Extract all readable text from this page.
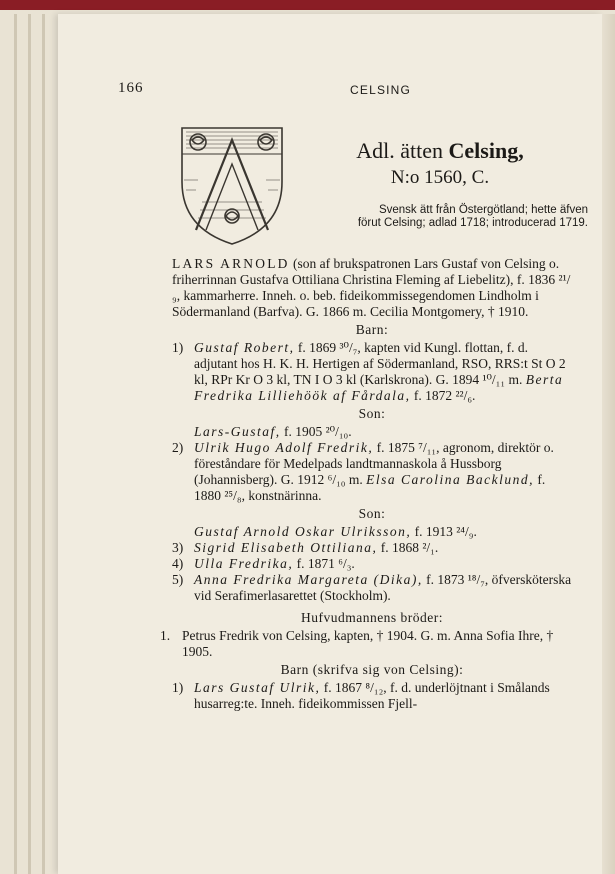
166	CELSING
Adl. ätten Celsing,
N:o 1560, C.
Svensk ätt från Östergötland; hette äfven
förut Celsing; adlad 1718; introducerad 1719.

LARS ARNOLD (son af brukspatronen Lars Gustaf von Celsing o. friherrinnan Gustafva Ottiliana Christina Fleming af Liebelitz), f. 1836 ²¹/₉, kammarherre. Inneh. o. beb. fideikommissegendomen Lindholm i Södermanland (Barfva). G. 1866 m. Cecilia Montgomery, † 1910.

Barn:

1) Gustaf Robert, f. 1869 ³⁰/₇, kapten vid Kungl. flottan, f. d. adjutant hos H. K. H. Hertigen af Södermanland, RSO, RRS:t St O 2 kl, RPr Kr O 3 kl, TN I O 3 kl (Karlskrona). G. 1894 ¹⁰/₁₁ m. Berta Fredrika Lilliehöök af Fårdala, f. 1872 ²²/₆.

Son:

Lars-Gustaf, f. 1905 ²⁰/₁₀.

2) Ulrik Hugo Adolf Fredrik, f. 1875 ⁷/₁₁, agronom, direktör o. föreståndare för Medelpads landtmannaskola å Hussborg (Johannisberg). G. 1912 ⁶/₁₀ m. Elsa Carolina Backlund, f. 1880 ²⁵/₈, konstnärinna.

Son:

Gustaf Arnold Oskar Ulriksson, f. 1913 ²⁴/₉.

3) Sigrid Elisabeth Ottiliana, f. 1868 ²/₁.

4) Ulla Fredrika, f. 1871 ⁶/₃.

5) Anna Fredrika Margareta (Dika), f. 1873 ¹⁸/₇, öfversköterska vid Serafimerlasarettet (Stockholm).

Hufvudmannens bröder:

1. Petrus Fredrik von Celsing, kapten, † 1904. G. m. Anna Sofia Ihre, † 1905.

Barn (skrifva sig von Celsing):

1) Lars Gustaf Ulrik, f. 1867 ⁸/₁₂, f. d. underlöjtnant i Smålands husarreg:te. Inneh. fideikommissen Fjell-
